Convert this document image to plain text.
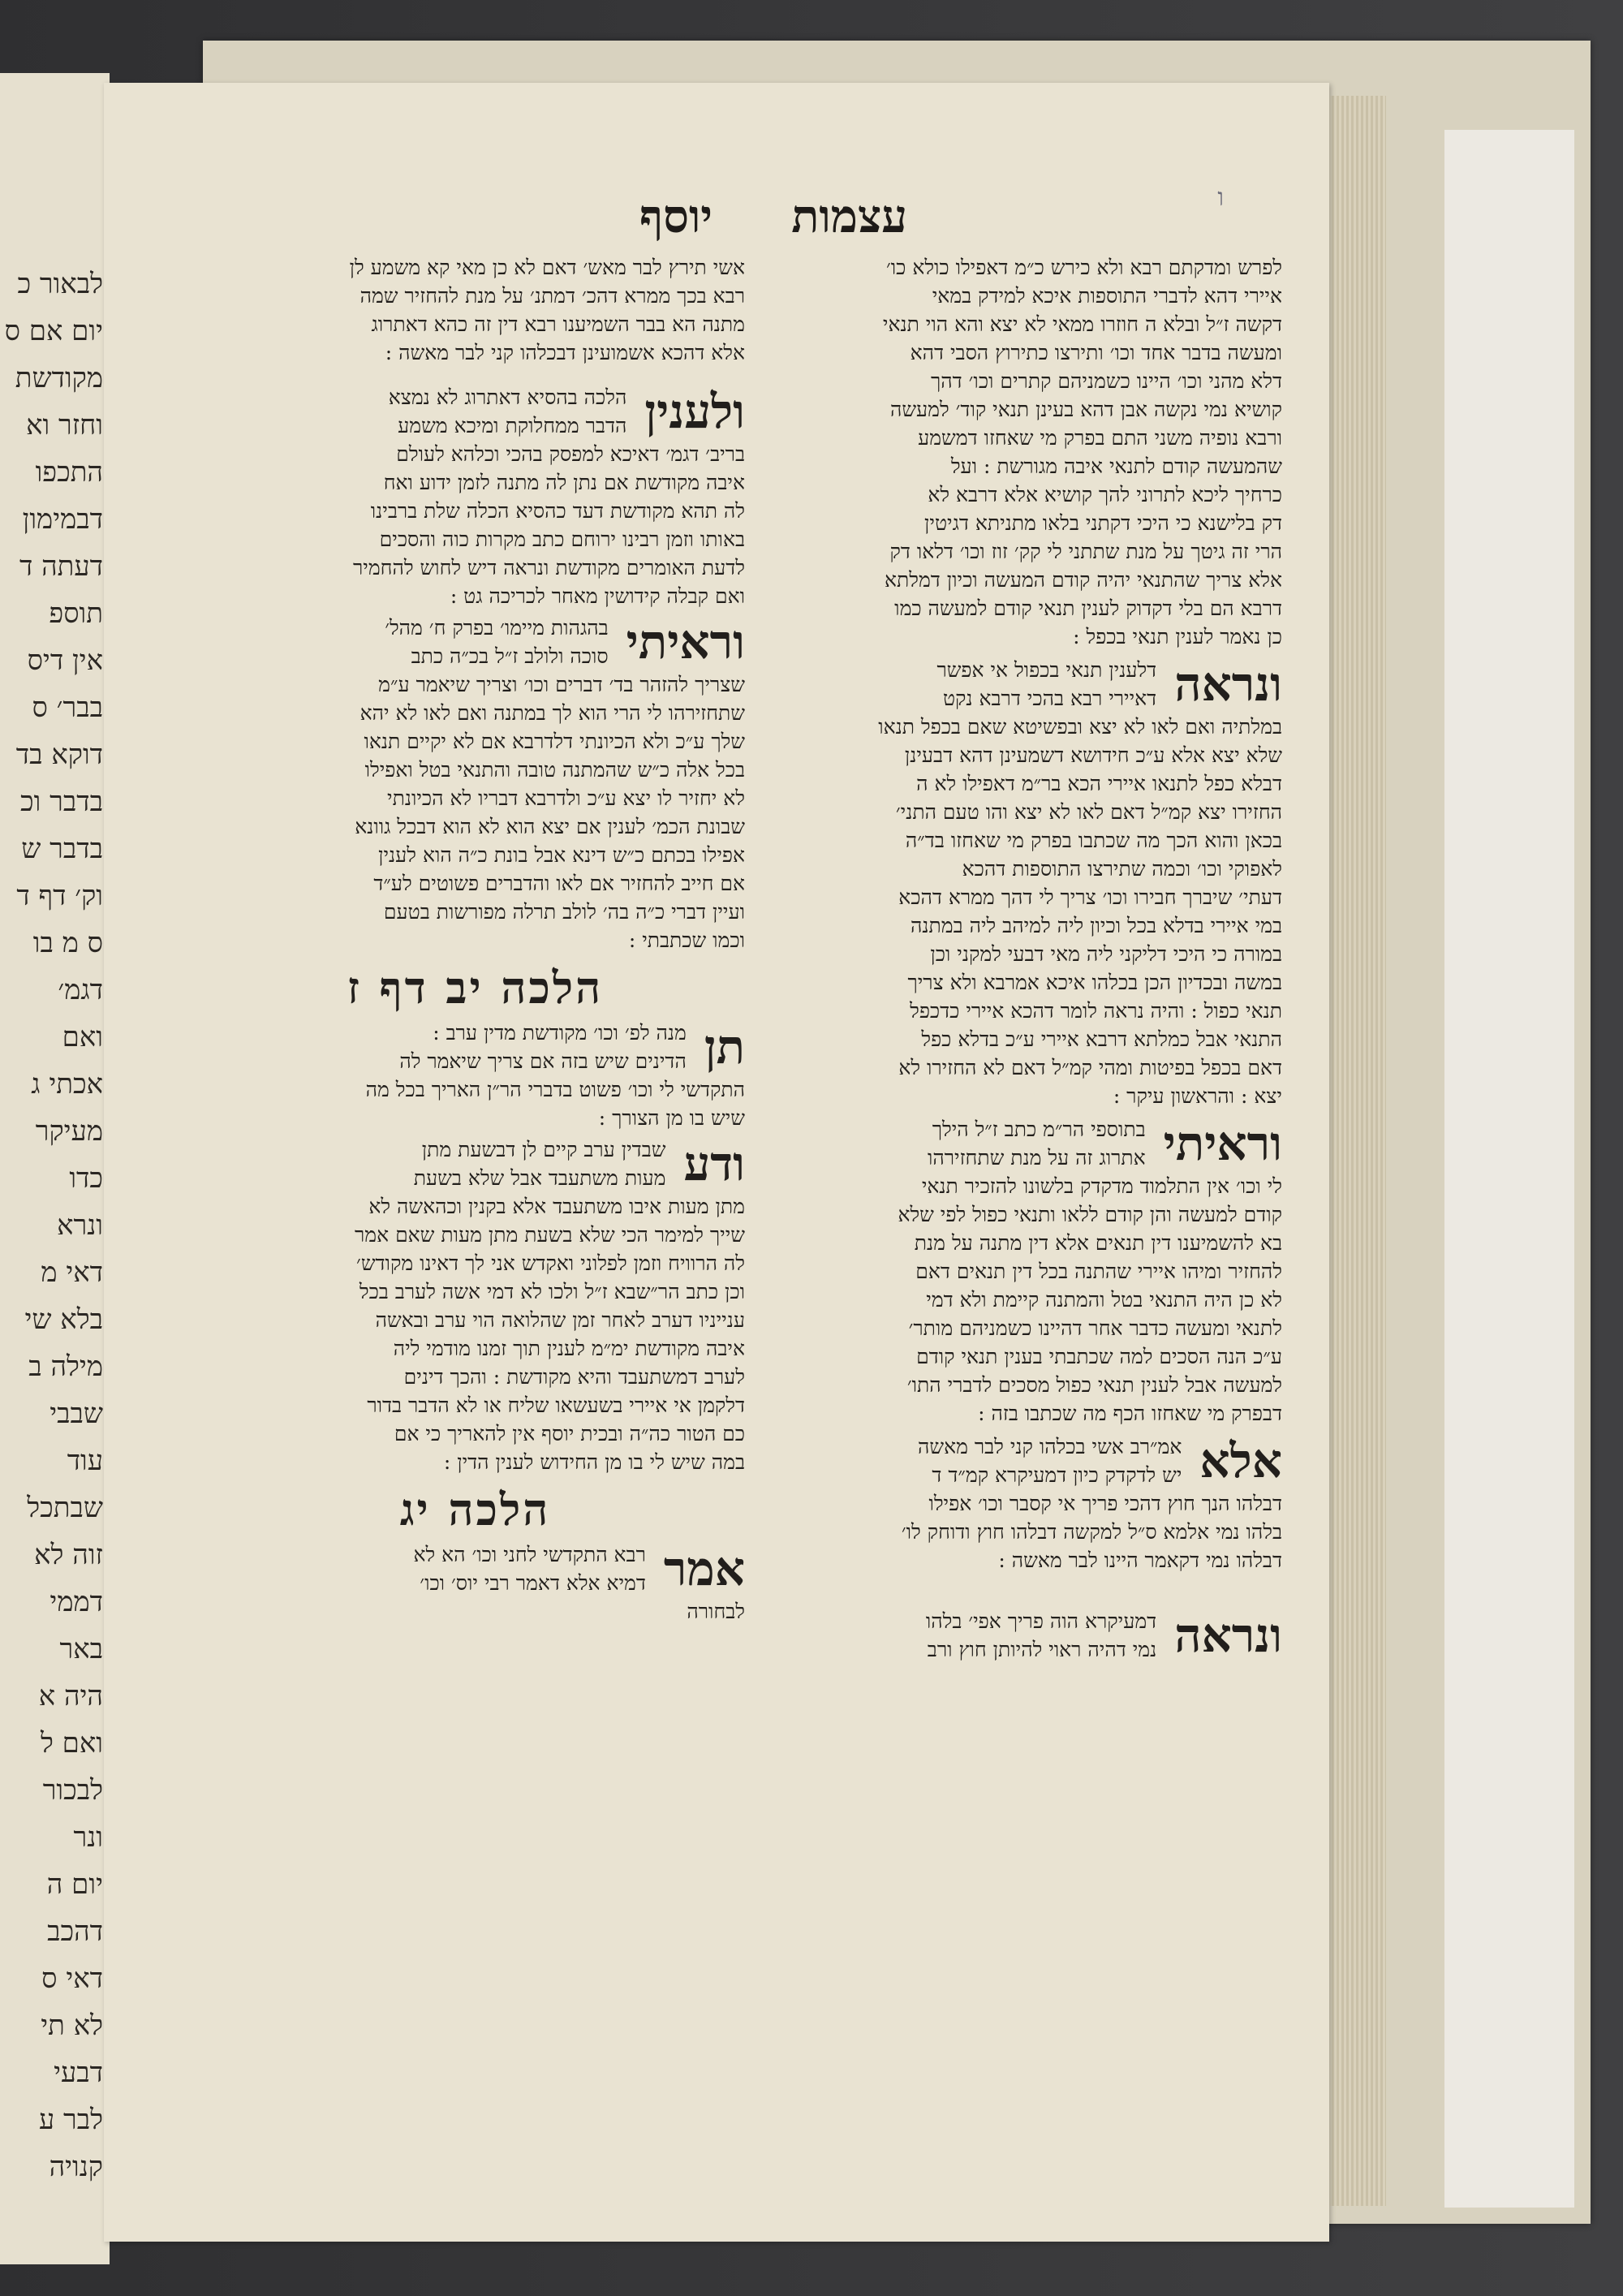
לבאור כ
יום אם ס
מקודשת
וחזר וא
התכפו
דבמימון
דעתה ד
תוספ
אין דיס
בבר׳ ס
דוקא בד
בדבר וכ
בדבר ש
וק׳ דף ד
ס מ בו
דגמ׳
ואם
אכתי ג
מעיקר
כדו
ונרא
דאי מ
בלא שי
מילה ב
שבבי
עוד
שבתכל
זוה לא
דממי
באר
היה א
ואם ל
לבכור
ונר
יום ה
דהכב
דאי ס
לא תי
דבעי
לבר ע
קנויה
עצמות
יוסף	ו
לפרש ומדקתם רבא ולא כירש כ״מ דאפילו כולא כו׳
איירי דהא לדברי התוספות איכא למידק במאי
דקשה ז״ל ובלא ה חוזרו ממאי לא יצא והא הוי תנאי
ומעשה בדבר אחד וכו׳ ותירצו כתירוץ הסבי דהא
דלא מהני וכו׳ היינו כשמניהם קתרים וכו׳ דהך
קושיא נמי נקשה אבן דהא בעינן תנאי קוד׳ למעשה
ורבא נופיה משני התם בפרק מי שאחזו דמשמע
שהמעשה קודם לתנאי איבה מגורשת : ועל
כרחיך ליכא לתרוני להך קושיא אלא דרבא לא
דק בלישנא כי היכי דקתני בלאו מתניתא דגיטין
הרי זה גיטך על מנת שתתני לי קק׳ זוז וכו׳ דלאו דק
אלא צריך שהתנאי יהיה קודם המעשה וכיון דמלתא
דרבא הם בלי דקדוק לענין תנאי קודם למעשה כמו
כן נאמר לענין תנאי בכפל :
ונראה
דלענין תנאי בכפול אי אפשר
דאיירי רבא בהכי דרבא נקט
במלתיה ואם לאו לא יצא ובפשיטא שאם בכפל תנאו
שלא יצא אלא ע״כ חידושא דשמעינן דהא דבעינן
דבלא כפל לתנאו איירי הכא בר״מ דאפילו לא ה
החזירו יצא קמ״ל דאם לאו לא יצא והו טעם התני׳
בכאן והוא הכך מה שכתבו בפרק מי שאחזו בד״ה
לאפוקי וכו׳ וכמה שתירצו התוספות דהכא
דעתי׳ שיברך חבירו וכו׳ צריך לי דהך ממרא דהכא
במי איירי בדלא בכל וכיון ליה למיהב ליה במתנה
במורה כי היכי דליקני ליה מאי דבעי למקני וכן
במשה ובכדיון הכן בכלהו איכא אמרבא ולא צריך
תנאי כפול : והיה נראה לומר דהכא איירי כדכפל
התנאי אבל כמלתא דרבא איירי ע״כ בדלא כפל
דאם בכפל בפיטות ומהי קמ״ל דאם לא החזירו לא
יצא : והראשון עיקר :
וראיתי
בתוספי הר״מ כתב ז״ל הילך
אתרוג זה על מנת שתחזירהו
לי וכו׳ אין התלמוד מדקדק בלשונו להזכיר תנאי
קודם למעשה והן קודם ללאו ותנאי כפול לפי שלא
בא להשמיענו דין תנאים אלא דין מתנה על מנת
להחזיר ומיהו איירי שהתנה בכל דין תנאים דאם
לא כן היה התנאי בטל והמתנה קיימת ולא דמי
לתנאי ומעשה כדבר אחר דהיינו כשמניהם מותר׳
ע״כ הנה הסכים למה שכתבתי בענין תנאי קודם
למעשה אבל לענין תנאי כפול מסכים לדברי התו׳
דבפרק מי שאחזו הכף מה שכתבו בזה :
אלא
אמ״רב אשי בכלהו קני לבר מאשה
יש לדקדק כיון דמעיקרא קמ״ד ד
דבלהו הנך חוץ דהכי פריך אי קסבר וכו׳ אפילו
בלהו נמי אלמא ס״ל למקשה דבלהו חוץ ודוחק לו׳
דבלהו נמי דקאמר היינו לבר מאשה :
ונראה
דמעיקרא הוה פריך אפי׳ בלהו
נמי דהיה ראוי להיותן חוץ ורב
אשי תירץ לבר מאש׳ דאם לא כן מאי קא משמע לן
רבא בכך ממרא דהכ׳ דמתנ׳ על מנת להחזיר שמה
מתנה הא בבר השמיענו רבא דין זה כהא דאתרוג
אלא דהכא אשמועינן דבכלהו קני לבר מאשה :
ולענין
הלכה בהסיא דאתרוג לא נמצא
הדבר ממחלוקת ומיכא משמע
בריב׳ דגמ׳ דאיכא למפסק בהכי וכלהא לעולם
איבה מקודשת אם נתן לה מתנה לזמן ידוע ואח
לה תהא מקודשת דעד כהסיא הכלה שלת ברבינו
באותו וזמן רבינו ירוחם כתב מקרות כוה והסכים
לדעת האומרים מקודשת ונראה דיש לחוש להחמיר
ואם קבלה קידושין מאחר לכריכה גט :
וראיתי
בהגהות מיימו׳ בפרק ח׳ מהל׳
סוכה ולולב ז״ל בכ״ה כתב
שצריך להזהר בד׳ דברים וכו׳ וצריך שיאמר ע״מ
שתחזירהו לי הרי הוא לך במתנה ואם לאו לא יהא
שלך ע״כ ולא הכיונתי דלדרבא אם לא יקיים תנאו
בכל אלה כ״ש שהמתנה טובה והתנאי בטל ואפילו
לא יחזיר לו יצא ע״כ ולדרבא דבריו לא הכיונתי
שבונת הכמ׳ לענין אם יצא הוא לא הוא דבכל גוונא
אפילו בכתם כ״ש דינא אבל בונת כ״ה הוא לענין
אם חייב להחזיר אם לאו והדברים פשוטים לע״ד
ועיין דברי כ״ה בה׳ לולב תרלה מפורשות בטעם
וכמו שכתבתי :
הלכה יב דף ז
תן
מנה לפ׳ וכו׳ מקודשת מדין ערב :
הדינים שיש בזה אם צריך שיאמר לה
התקדשי לי וכו׳ פשוט בדברי הר״ן האריך בכל מה
שיש בו מן הצורך :
ודע
שבדין ערב קיים לן דבשעת מתן
מעות משתעבד אבל שלא בשעת
מתן מעות איבו משתעבד אלא בקנין וכהאשה לא
שייך למימר הכי שלא בשעת מתן מעות שאם אמר
לה הרוויח וזמן לפלוני ואקדש אני לך דאינו מקודש׳
וכן כתב הר״שבא ז״ל ולכו לא דמי אשה לערב בכל
ענייניו דערב לאחר זמן שהלואה הוי ערב ובאשה
איבה מקודשת ימ״מ לענין תוך זמנו מודמי ליה
לערב דמשתעבד והיא מקודשת : והכך דינים
דלקמן אי איירי בשעשאו שליח או לא הדבר בדור
כם הטור כה״ה ובכית יוסף אין להאריך כי אם
במה שיש לי בו מן החידוש לענין הדין :
הלכה יג
אמר
רבא התקדשי לחני וכו׳ הא לא
דמיא אלא דאמר רבי יוס׳ וכו׳
לבחורה
